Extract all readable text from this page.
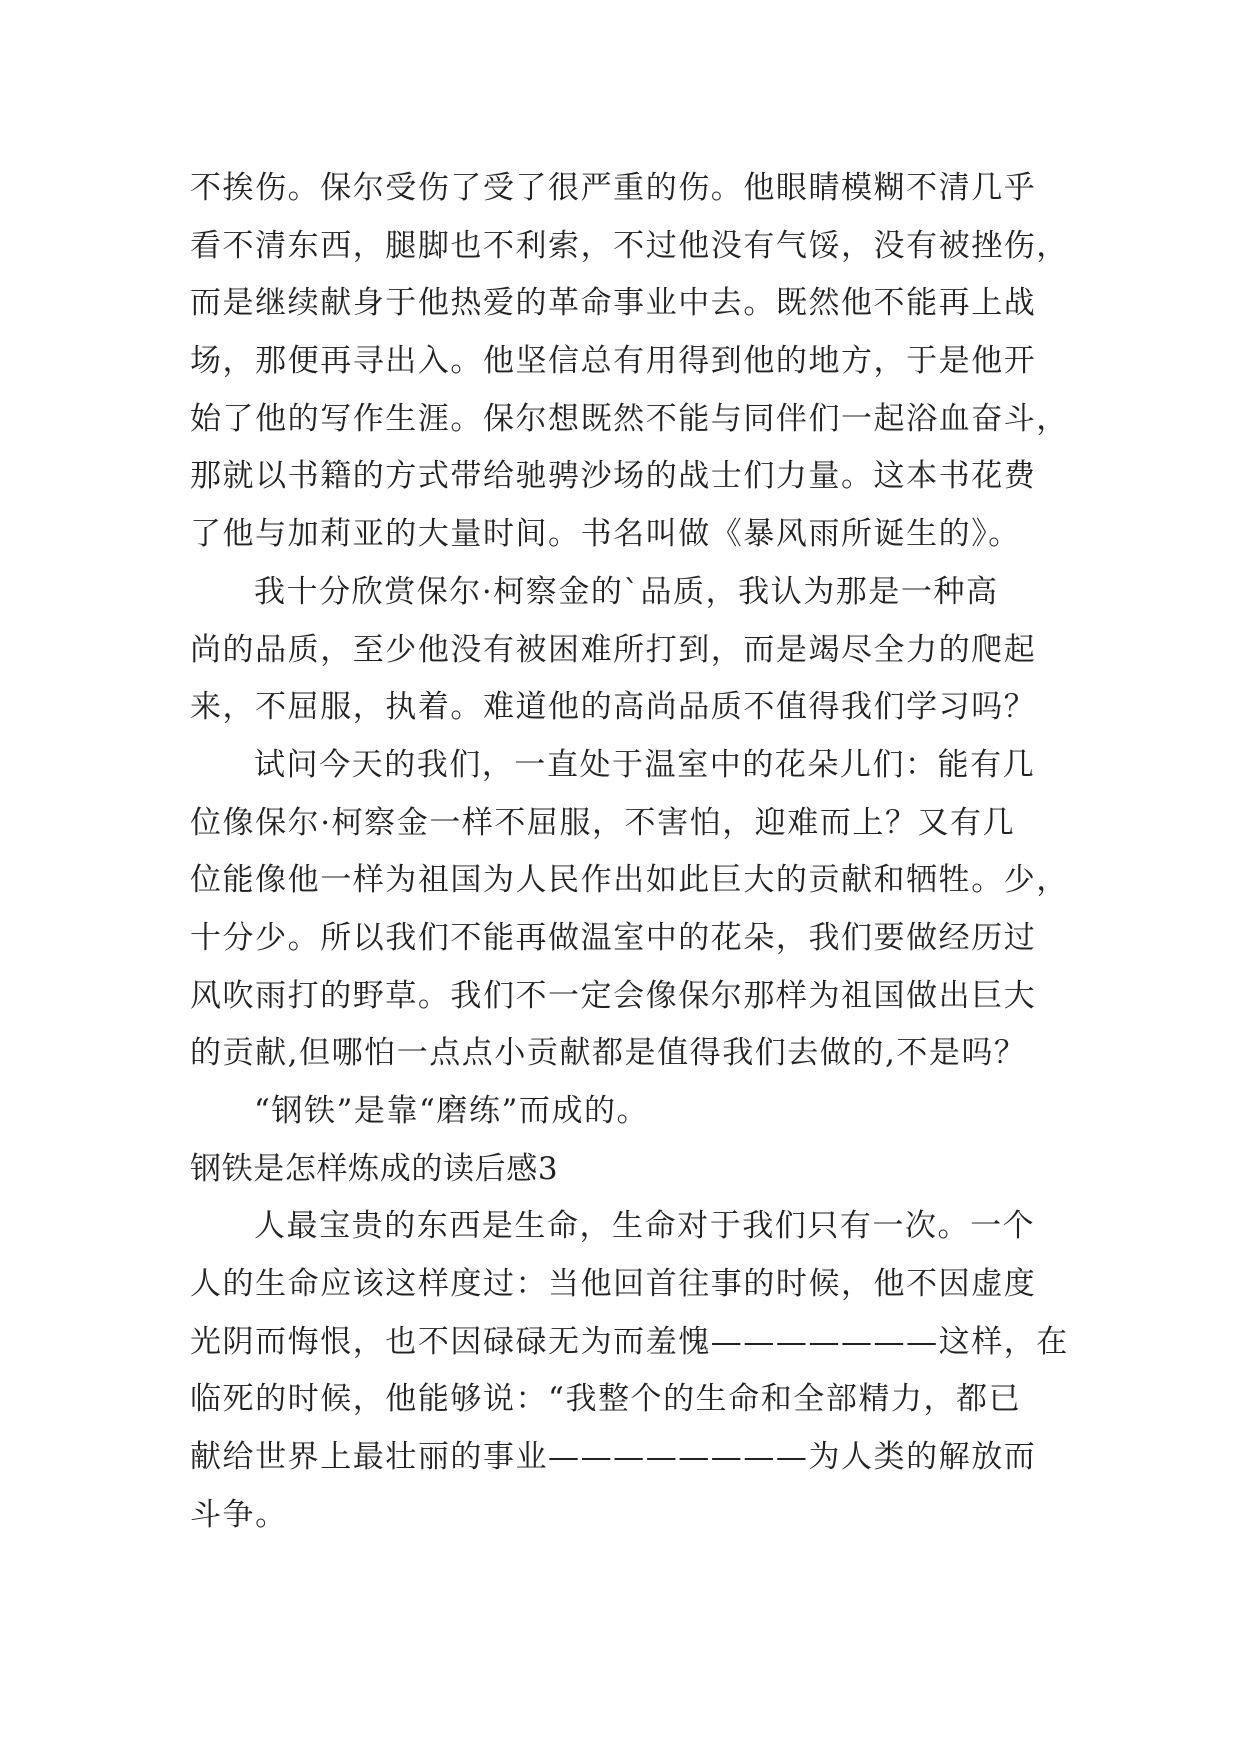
不挨伤。保尔受伤了受了很严重的伤。他眼睛模糊不清几乎
看不清东西，腿脚也不利索，不过他没有气馁，没有被挫伤，
而是继续献身于他热爱的革命事业中去。既然他不能再上战
场，那便再寻出入。他坚信总有用得到他的地方，于是他开
始了他的写作生涯。保尔想既然不能与同伴们一起浴血奋斗，
那就以书籍的方式带给驰骋沙场的战士们力量。这本书花费
了他与加莉亚的大量时间。书名叫做《暴风雨所诞生的》。
我十分欣赏保尔·柯察金的`品质，我认为那是一种高
尚的品质，至少他没有被困难所打到，而是竭尽全力的爬起
来，不屈服，执着。难道他的高尚品质不值得我们学习吗？
试问今天的我们，一直处于温室中的花朵儿们：能有几
位像保尔·柯察金一样不屈服，不害怕，迎难而上？又有几
位能像他一样为祖国为人民作出如此巨大的贡献和牺牲。少，
十分少。所以我们不能再做温室中的花朵，我们要做经历过
风吹雨打的野草。我们不一定会像保尔那样为祖国做出巨大
的贡献,但哪怕一点点小贡献都是值得我们去做的,不是吗？
“钢铁”是靠“磨练”而成的。
钢铁是怎样炼成的读后感3
人最宝贵的东西是生命，生命对于我们只有一次。一个
人的生命应该这样度过：当他回首往事的时候，他不因虚度
光阴而悔恨，也不因碌碌无为而羞愧———————这样，在
临死的时候，他能够说：“我整个的生命和全部精力，都已
献给世界上最壮丽的事业————————为人类的解放而
斗争。
